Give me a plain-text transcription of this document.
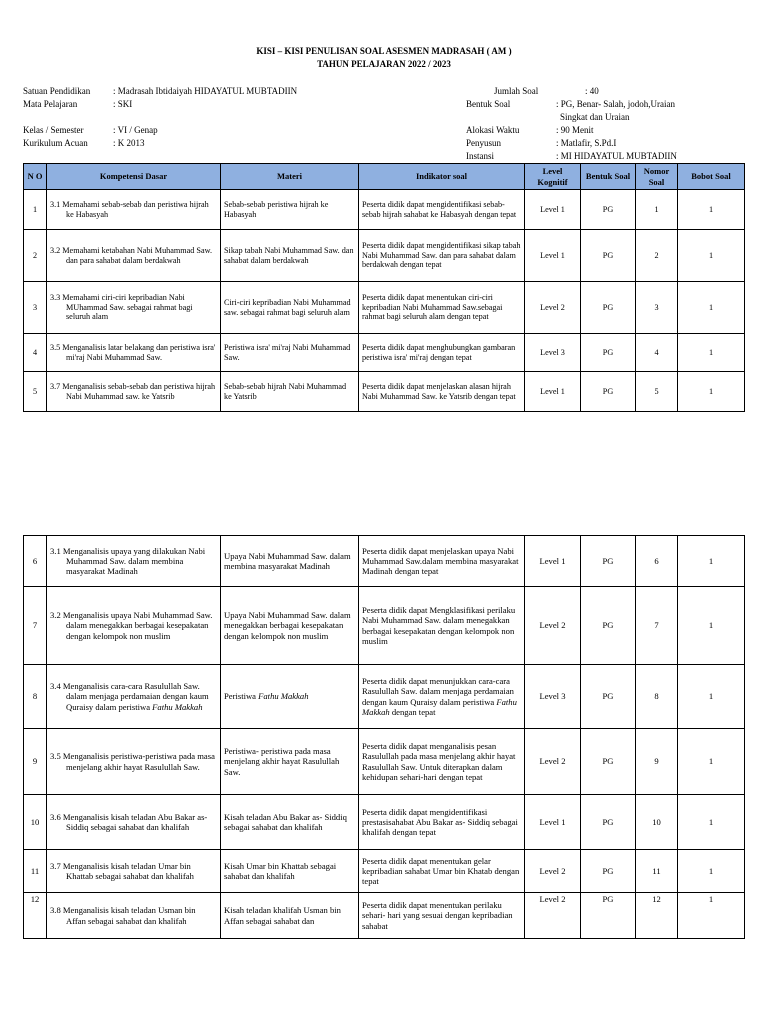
KISI – KISI PENULISAN SOAL ASESMEN MADRASAH ( AM )
TAHUN PELAJARAN 2022 / 2023
Satuan Pendidikan	: Madrasah Ibtidaiyah HIDAYATUL MUBTADIIN
Mata Pelajaran	: SKI
Kelas / Semester	: VI / Genap
Kurikulum Acuan	: K 2013
Jumlah Soal	: 40
Bentuk Soal	: PG, Benar- Salah, jodoh,Uraian
Singkat dan Uraian
Alokasi Waktu	: 90 Menit
Penyusun	: Matlafir, S.Pd.I
Instansi	: MI HIDAYATUL MUBTADIIN
N O	Kompetensi Dasar	Materi	Indikator soal	Level Kognitif	Bentuk Soal	Nomor Soal	Bobot Soal
1	3.1 Memahami sebab-sebab dan peristiwa hijrah ke Habasyah	Sebab-sebab peristiwa hijrah ke Habasyah	Peserta didik dapat mengidentifikasi sebab-sebab hijrah sahabat ke Habasyah dengan tepat	Level 1	PG	1	1
2	3.2 Memahami ketabahan Nabi Muhammad Saw. dan para sahabat dalam berdakwah	Sikap tabah Nabi Muhammad Saw. dan sahabat dalam berdakwah	Peserta didik dapat mengidentifikasi sikap tabah Nabi Muhammad Saw. dan para sahabat dalam berdakwah dengan tepat	Level 1	PG	2	1
3	3.3 Memahami ciri-ciri kepribadian Nabi MUhammad Saw. sebagai rahmat bagi seluruh alam	Ciri-ciri kepribadian Nabi Muhammad saw. sebagai rahmat bagi seluruh alam	Peserta didik dapat menentukan ciri-ciri kepribadian Nabi Muhammad Saw.sebagai rahmat bagi seluruh alam dengan tepat	Level 2	PG	3	1
4	3.5 Menganalisis latar belakang dan peristiwa isra' mi'raj Nabi Muhammad Saw.	Peristiwa isra' mi'raj Nabi Muhammad Saw.	Peserta didik dapat menghubungkan gambaran peristiwa isra' mi'raj dengan tepat	Level 3	PG	4	1
5	3.7 Menganalisis sebab-sebab dan peristiwa hijrah Nabi Muhammad saw. ke Yatsrib	Sebab-sebab hijrah Nabi Muhammad ke Yatsrib	Peserta didik dapat menjelaskan alasan hijrah Nabi Muhammad Saw. ke Yatsrib dengan tepat	Level 1	PG	5	1
6	3.1 Menganalisis upaya yang dilakukan Nabi Muhammad Saw. dalam membina masyarakat Madinah	Upaya Nabi Muhammad Saw. dalam membina masyarakat Madinah	Peserta didik dapat menjelaskan upaya Nabi Muhammad Saw.dalam membina masyarakat Madinah dengan tepat	Level 1	PG	6	1
7	3.2 Menganalisis upaya Nabi Muhammad Saw. dalam menegakkan berbagai kesepakatan dengan kelompok non muslim	Upaya Nabi Muhammad Saw. dalam menegakkan berbagai kesepakatan dengan kelompok non muslim	Peserta didik dapat Mengklasifikasi perilaku Nabi Muhammad Saw. dalam menegakkan berbagai kesepakatan dengan kelompok non muslim	Level 2	PG	7	1
8	3.4 Menganalisis cara-cara Rasulullah Saw. dalam menjaga perdamaian dengan kaum Quraisy dalam peristiwa Fathu Makkah	Peristiwa Fathu Makkah	Peserta didik dapat menunjukkan cara-cara Rasulullah Saw. dalam menjaga perdamaian dengan kaum Quraisy dalam peristiwa Fathu Makkah dengan tepat	Level 3	PG	8	1
9	3.5 Menganalisis peristiwa-peristiwa pada masa menjelang akhir hayat Rasulullah Saw.	Peristiwa- peristiwa pada masa menjelang akhir hayat Rasulullah Saw.	Peserta didik dapat menganalisis pesan Rasulullah pada masa menjelang akhir hayat Rasulullah Saw. Untuk diterapkan dalam kehidupan sehari-hari dengan tepat	Level 2	PG	9	1
10	3.6 Menganalisis kisah teladan Abu Bakar as- Siddiq sebagai sahabat dan khalifah	Kisah teladan Abu Bakar as- Siddiq sebagai sahabat dan khalifah	Peserta didik dapat mengidentifikasi prestasisahabat Abu Bakar as- Siddiq sebagai khalifah dengan tepat	Level 1	PG	10	1
11	3.7 Menganalisis kisah teladan Umar bin Khattab sebagai sahabat dan khalifah	Kisah Umar bin Khattab sebagai sahabat dan khalifah	Peserta didik dapat menentukan gelar kepribadian sahabat Umar bin Khatab dengan tepat	Level 2	PG	11	1
12	3.8 Menganalisis kisah teladan Usman bin Affan sebagai sahabat dan khalifah	Kisah teladan khalifah Usman bin Affan sebagai sahabat dan	Peserta didik dapat menentukan perilaku sehari- hari yang sesuai dengan kepribadian sahabat	Level 2	PG	12	1
